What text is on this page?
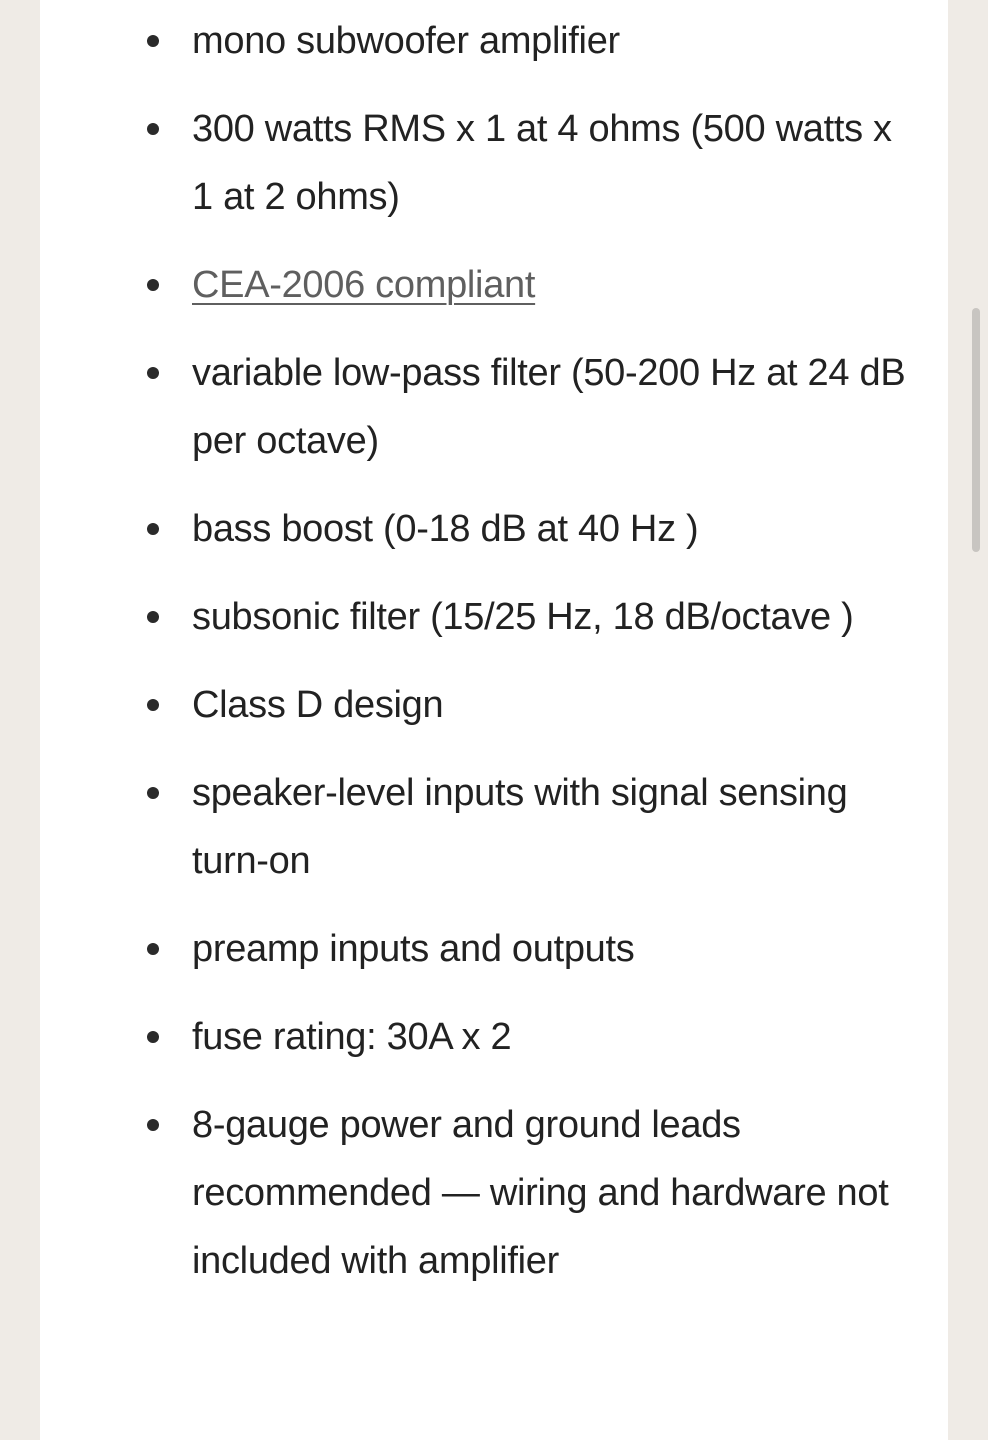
mono subwoofer amplifier
300 watts RMS x 1 at 4 ohms (500 watts x 1 at 2 ohms)
CEA-2006 compliant
variable low-pass filter (50-200 Hz at 24 dB per octave)
bass boost (0-18 dB at 40 Hz )
subsonic filter (15/25 Hz, 18 dB/octave )
Class D design
speaker-level inputs with signal sensing turn-on
preamp inputs and outputs
fuse rating: 30A x 2
8-gauge power and ground leads recommended — wiring and hardware not included with amplifier
